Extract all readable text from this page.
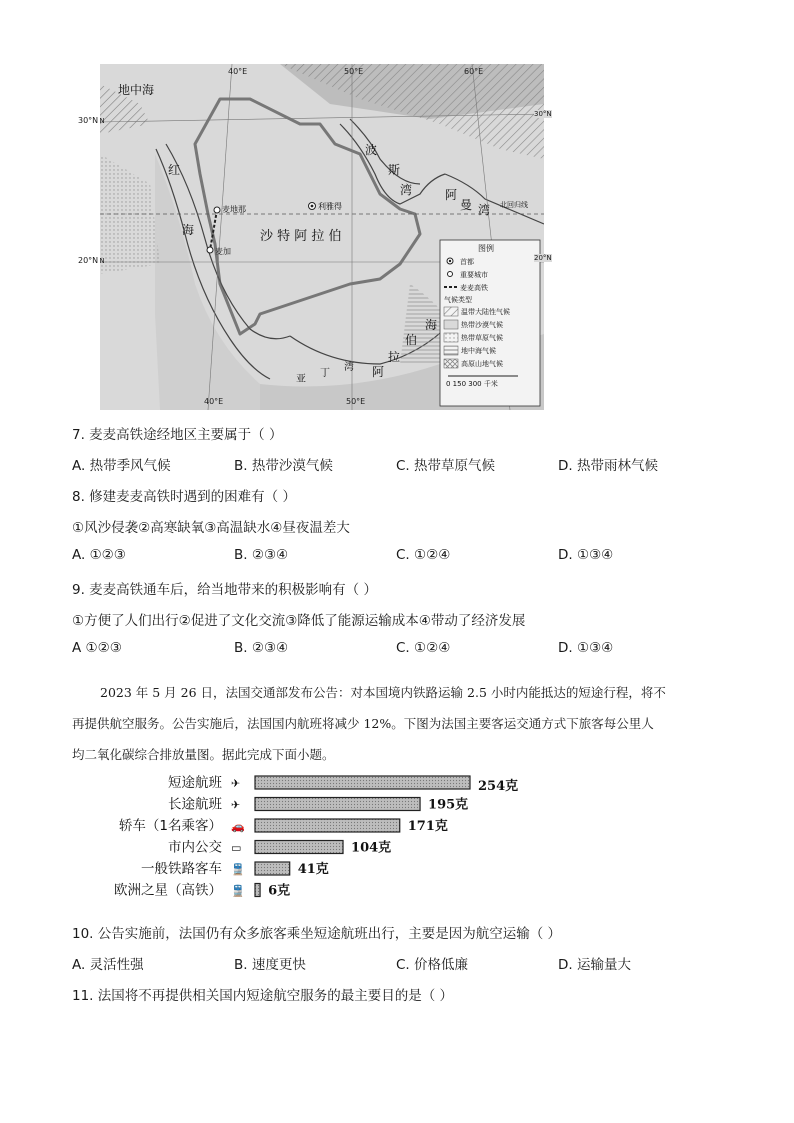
40°E	50°E	60°E
40°E	50°E
地中海
红
海
波
斯
湾	阿
曼 湾
海
伯
拉
阿
亚
丁
湾
沙 特 阿 拉 伯
利雅得
麦地那
麦加
北回归线
图例
首都
重要城市
麦麦高铁
气候类型
温带大陆性气候
热带沙漠气候
热带草原气候
地中海气候
高原山地气候
0 150 300 千米
N
N
30°N
20°N
30°N
20°N
7. 麦麦高铁途经地区主要属于（ ）
A. 热带季风气候	B. 热带沙漠气候	C. 热带草原气候	D. 热带雨林气候
8. 修建麦麦高铁时遇到的困难有（ ）
①风沙侵袭②高寒缺氧③高温缺水④昼夜温差大
A. ①②③	B. ②③④	C. ①②④	D. ①③④
9. 麦麦高铁通车后，给当地带来的积极影响有（ ）
①方便了人们出行②促进了文化交流③降低了能源运输成本④带动了经济发展
A ①②③	B. ②③④	C. ①②④	D. ①③④
2023 年 5 月 26 日，法国交通部发布公告：对本国境内铁路运输 2.5 小时内能抵达的短途行程，将不
再提供航空服务。公告实施后，法国国内航班将减少 12%。下图为法国主要客运交通方式下旅客每公里人
均二氧化碳综合排放量图。据此完成下面小题。
短途航班 ✈	254克
长途航班 ✈	195克
轿车（1名乘客） 🚗	171克
市内公交 ▭	104克
一般铁路客车 🚆	41克
欧洲之星（高铁） 🚆 6克
10. 公告实施前，法国仍有众多旅客乘坐短途航班出行，主要是因为航空运输（ ）
A. 灵活性强	B. 速度更快	C. 价格低廉	D. 运输量大
11. 法国将不再提供相关国内短途航空服务的最主要目的是（ ）
